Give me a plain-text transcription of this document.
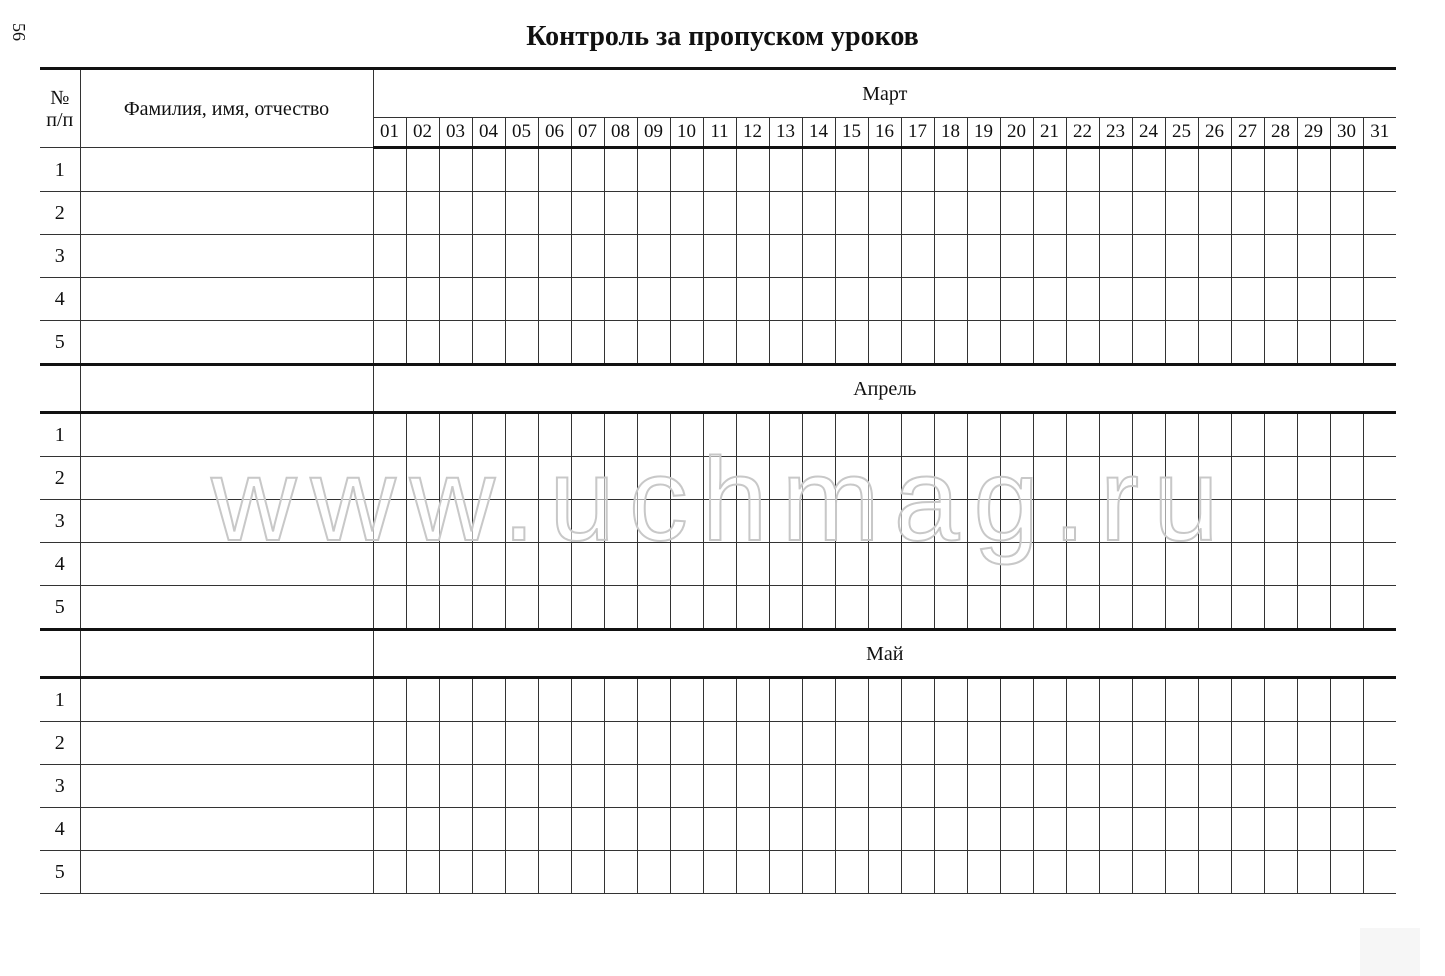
56	Контроль за пропуском уроков
№
п/п	Фамилия, имя, отчество	Март																														
		01	02	03	04	05	06	07	08	09	10	11	12	13	14	15	16	17	18	19	20	21	22	23	24	25	26	27	28	29	30	31
1																																
2																																
3																																
4																																
5																																
		Апрель																														
1																																
2																																
3																																
4																																
5																																
		Май																														
1																																
2																																
3																																
4																																
5																																
www.uchmag.ru
